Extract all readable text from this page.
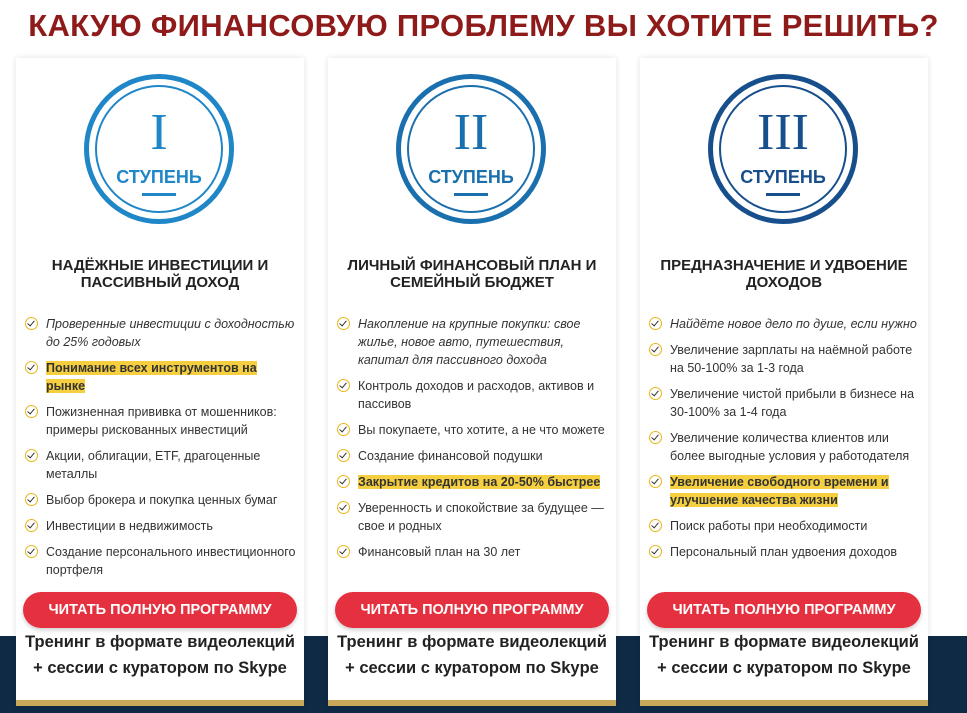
КАКУЮ ФИНАНСОВУЮ ПРОБЛЕМУ ВЫ ХОТИТЕ РЕШИТЬ?
I
СТУПЕНЬ
НАДЁЖНЫЕ ИНВЕСТИЦИИ И
ПАССИВНЫЙ ДОХОД
Проверенные инвестиции с доходностью до 25% годовых
Понимание всех инструментов на рынке
Пожизненная прививка от мошенников: примеры рискованных инвестиций
Акции, облигации, ETF, драгоценные металлы
Выбор брокера и покупка ценных бумаг
Инвестиции в недвижимость
Создание персонального инвестиционного портфеля
ЧИТАТЬ ПОЛНУЮ ПРОГРАММУ
Тренинг в формате видеолекций
+ сессии с куратором по Skype
II
СТУПЕНЬ
ЛИЧНЫЙ ФИНАНСОВЫЙ ПЛАН И
СЕМЕЙНЫЙ БЮДЖЕТ
Накопление на крупные покупки: свое жилье, новое авто, путешествия, капитал для пассивного дохода
Контроль доходов и расходов, активов и пассивов
Вы покупаете, что хотите, а не что можете
Создание финансовой подушки
Закрытие кредитов на 20-50% быстрее
Уверенность и спокойствие за будущее — свое и родных
Финансовый план на 30 лет
ЧИТАТЬ ПОЛНУЮ ПРОГРАММУ
Тренинг в формате видеолекций
+ сессии с куратором по Skype
III
СТУПЕНЬ
ПРЕДНАЗНАЧЕНИЕ И УДВОЕНИЕ
ДОХОДОВ
Найдёте новое дело по душе, если нужно
Увеличение зарплаты на наёмной работе на 50-100% за 1-3 года
Увеличение чистой прибыли в бизнесе на 30-100% за 1-4 года
Увеличение количества клиентов или более выгодные условия у работодателя
Увеличение свободного времени и улучшение качества жизни
Поиск работы при необходимости
Персональный план удвоения доходов
ЧИТАТЬ ПОЛНУЮ ПРОГРАММУ
Тренинг в формате видеолекций
+ сессии с куратором по Skype
